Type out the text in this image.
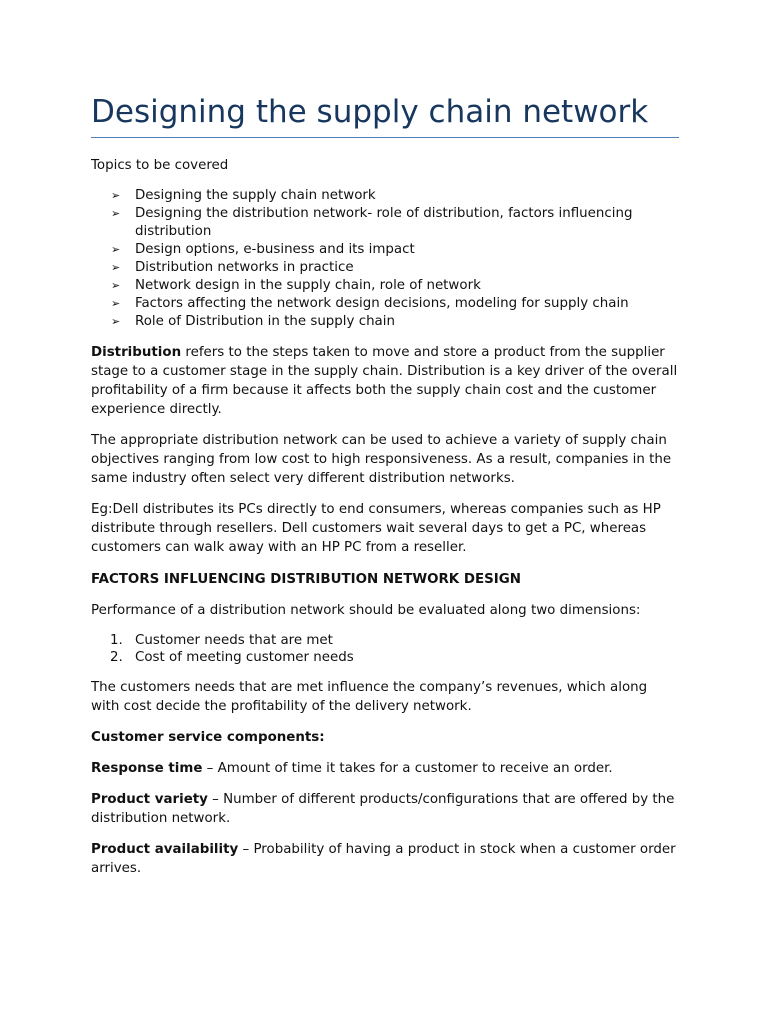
Designing the supply chain network

Topics to be covered

➢ Designing the supply chain network
➢ Designing the distribution network- role of distribution, factors influencing distribution
➢ Design options, e-business and its impact
➢ Distribution networks in practice
➢ Network design in the supply chain, role of network
➢ Factors affecting the network design decisions, modeling for supply chain
➢ Role of Distribution in the supply chain

Distribution refers to the steps taken to move and store a product from the supplier stage to a customer stage in the supply chain. Distribution is a key driver of the overall profitability of a firm because it affects both the supply chain cost and the customer experience directly.

The appropriate distribution network can be used to achieve a variety of supply chain objectives ranging from low cost to high responsiveness. As a result, companies in the same industry often select very different distribution networks.

Eg:Dell distributes its PCs directly to end consumers, whereas companies such as HP distribute through resellers. Dell customers wait several days to get a PC, whereas customers can walk away with an HP PC from a reseller.

FACTORS INFLUENCING DISTRIBUTION NETWORK DESIGN

Performance of a distribution network should be evaluated along two dimensions:

1. Customer needs that are met
2. Cost of meeting customer needs

The customers needs that are met influence the company’s revenues, which along with cost decide the profitability of the delivery network.

Customer service components:

Response time – Amount of time it takes for a customer to receive an order.

Product variety – Number of different products/configurations that are offered by the distribution network.

Product availability – Probability of having a product in stock when a customer order arrives.
